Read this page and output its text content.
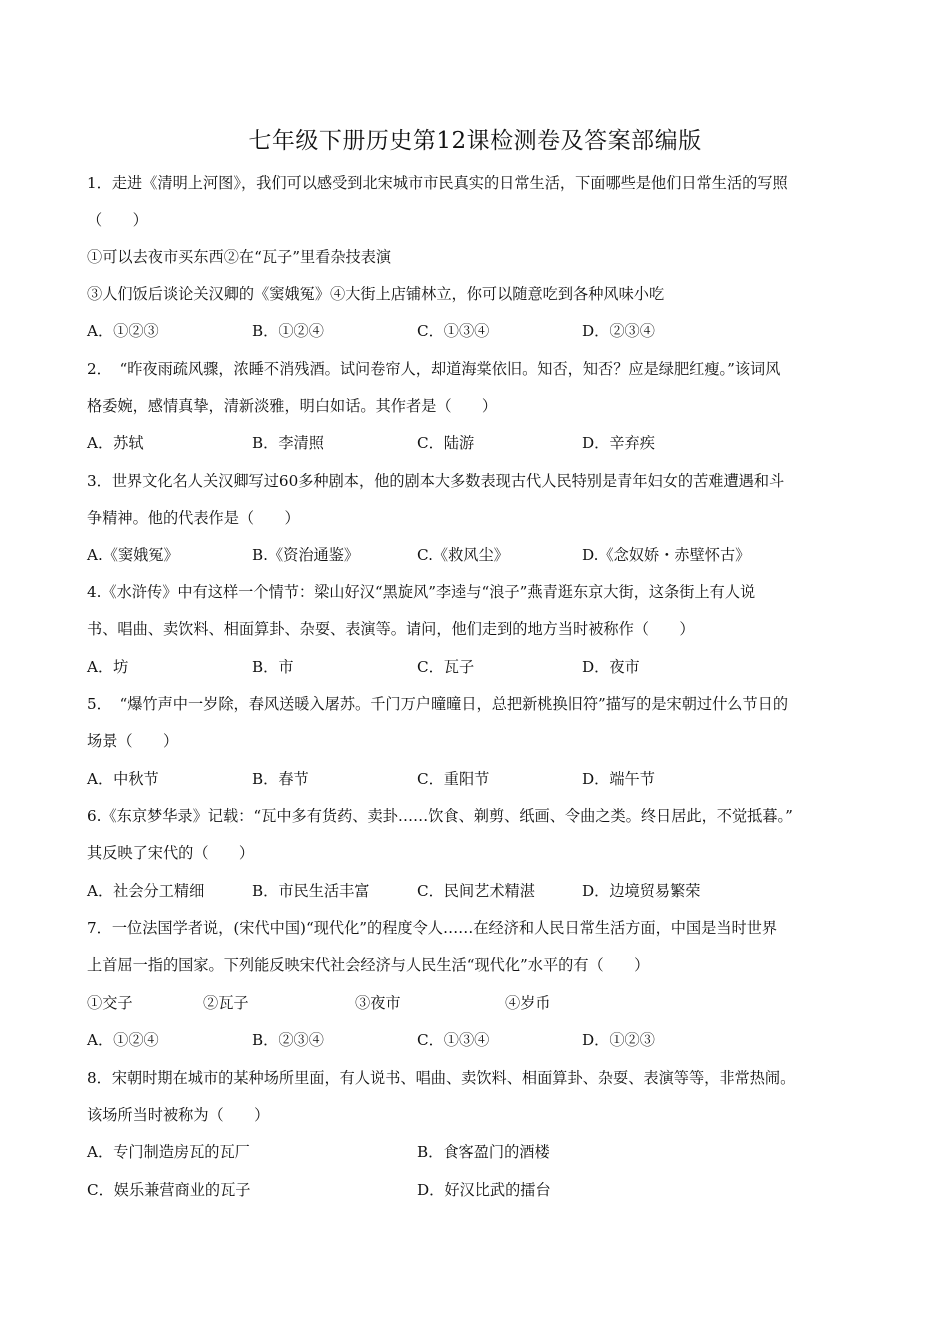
七年级下册历史第12课检测卷及答案部编版
1．走进《清明上河图》，我们可以感受到北宋城市市民真实的日常生活，下面哪些是他们日常生活的写照
（　　）
①可以去夜市买东西②在“瓦子”里看杂技表演
③人们饭后谈论关汉卿的《窦娥冤》④大街上店铺林立，你可以随意吃到各种风味小吃
A．①②③	B．①②④	C．①③④	D．②③④
2．　“昨夜雨疏风骤，浓睡不消残酒。试问卷帘人，却道海棠依旧。知否，知否？应是绿肥红瘦。”该词风
格委婉，感情真挚，清新淡雅，明白如话。其作者是（　　）
A．苏轼	B．李清照	C．陆游	D．辛弃疾
3．世界文化名人关汉卿写过60多种剧本，他的剧本大多数表现古代人民特别是青年妇女的苦难遭遇和斗
争精神。他的代表作是（　　）
A.《窦娥冤》	B.《资治通鉴》	C.《救风尘》	D.《念奴娇・赤壁怀古》
4.《水浒传》中有这样一个情节：梁山好汉“黑旋风”李逵与“浪子”燕青逛东京大街，这条街上有人说
书、唱曲、卖饮料、相面算卦、杂耍、表演等。请问，他们走到的地方当时被称作（　　）
A．坊	B．市	C．瓦子	D．夜市
5．　“爆竹声中一岁除，春风送暖入屠苏。千门万户曈曈日，总把新桃换旧符”描写的是宋朝过什么节日的
场景（　　）
A．中秋节	B．春节	C．重阳节	D．端午节
6.《东京梦华录》记载：“瓦中多有货药、卖卦……饮食、剃剪、纸画、令曲之类。终日居此，不觉抵暮。”
其反映了宋代的（　　）
A．社会分工精细	B．市民生活丰富	C．民间艺术精湛	D．边境贸易繁荣
7．一位法国学者说，(宋代中国)“现代化”的程度令人……在经济和人民日常生活方面，中国是当时世界
上首屈一指的国家。下列能反映宋代社会经济与人民生活“现代化”水平的有（　　）
①交子	②瓦子	③夜市	④岁币
A．①②④	B．②③④	C．①③④	D．①②③
8．宋朝时期在城市的某种场所里面，有人说书、唱曲、卖饮料、相面算卦、杂耍、表演等等，非常热闹。
该场所当时被称为（　　）
A．专门制造房瓦的瓦厂	B．食客盈门的酒楼
C．娱乐兼营商业的瓦子	D．好汉比武的擂台
